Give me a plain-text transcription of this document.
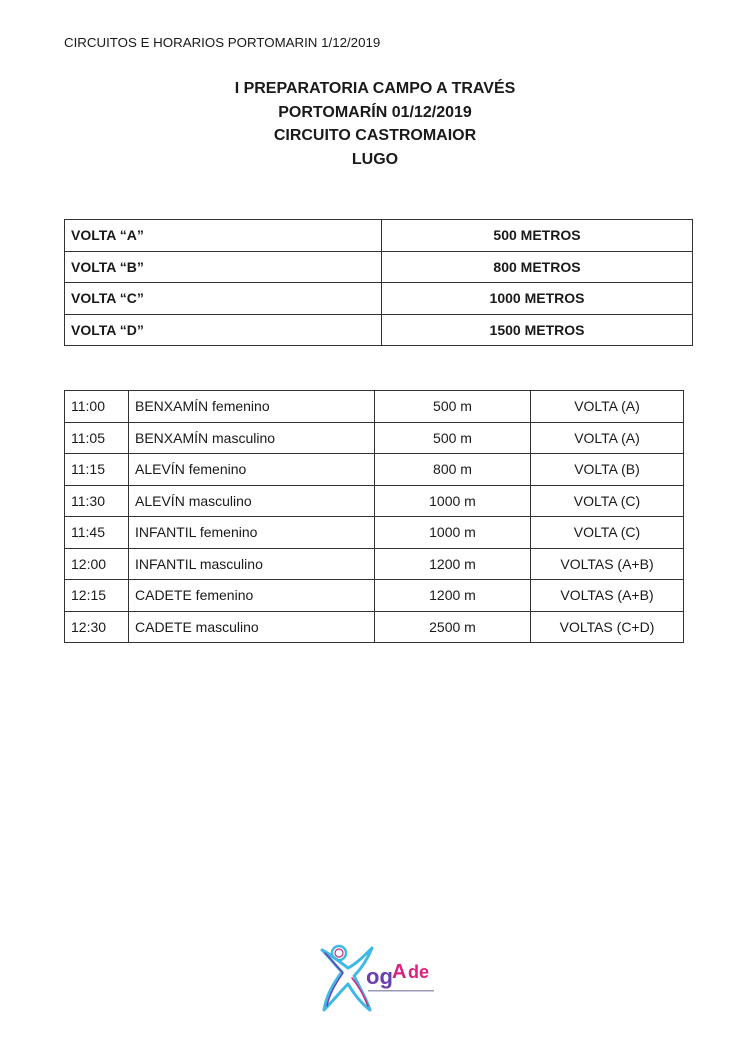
CIRCUITOS E HORARIOS PORTOMARIN 1/12/2019
I PREPARATORIA CAMPO A TRAVÉS
PORTOMARÍN 01/12/2019
CIRCUITO CASTROMAIOR
LUGO
VOLTA “A”	500 METROS
VOLTA “B”	800 METROS
VOLTA “C”	1000 METROS
VOLTA “D”	1500 METROS
11:00	BENXAMÍN femenino	500 m	VOLTA (A)
11:05	BENXAMÍN masculino	500 m	VOLTA (A)
11:15	ALEVÍN femenino	800 m	VOLTA (B)
11:30	ALEVÍN masculino	1000 m	VOLTA (C)
11:45	INFANTIL femenino	1000 m	VOLTA (C)
12:00	INFANTIL masculino	1200 m	VOLTAS (A+B)
12:15	CADETE femenino	1200 m	VOLTAS (A+B)
12:30	CADETE masculino	2500 m	VOLTAS (C+D)
og A de
